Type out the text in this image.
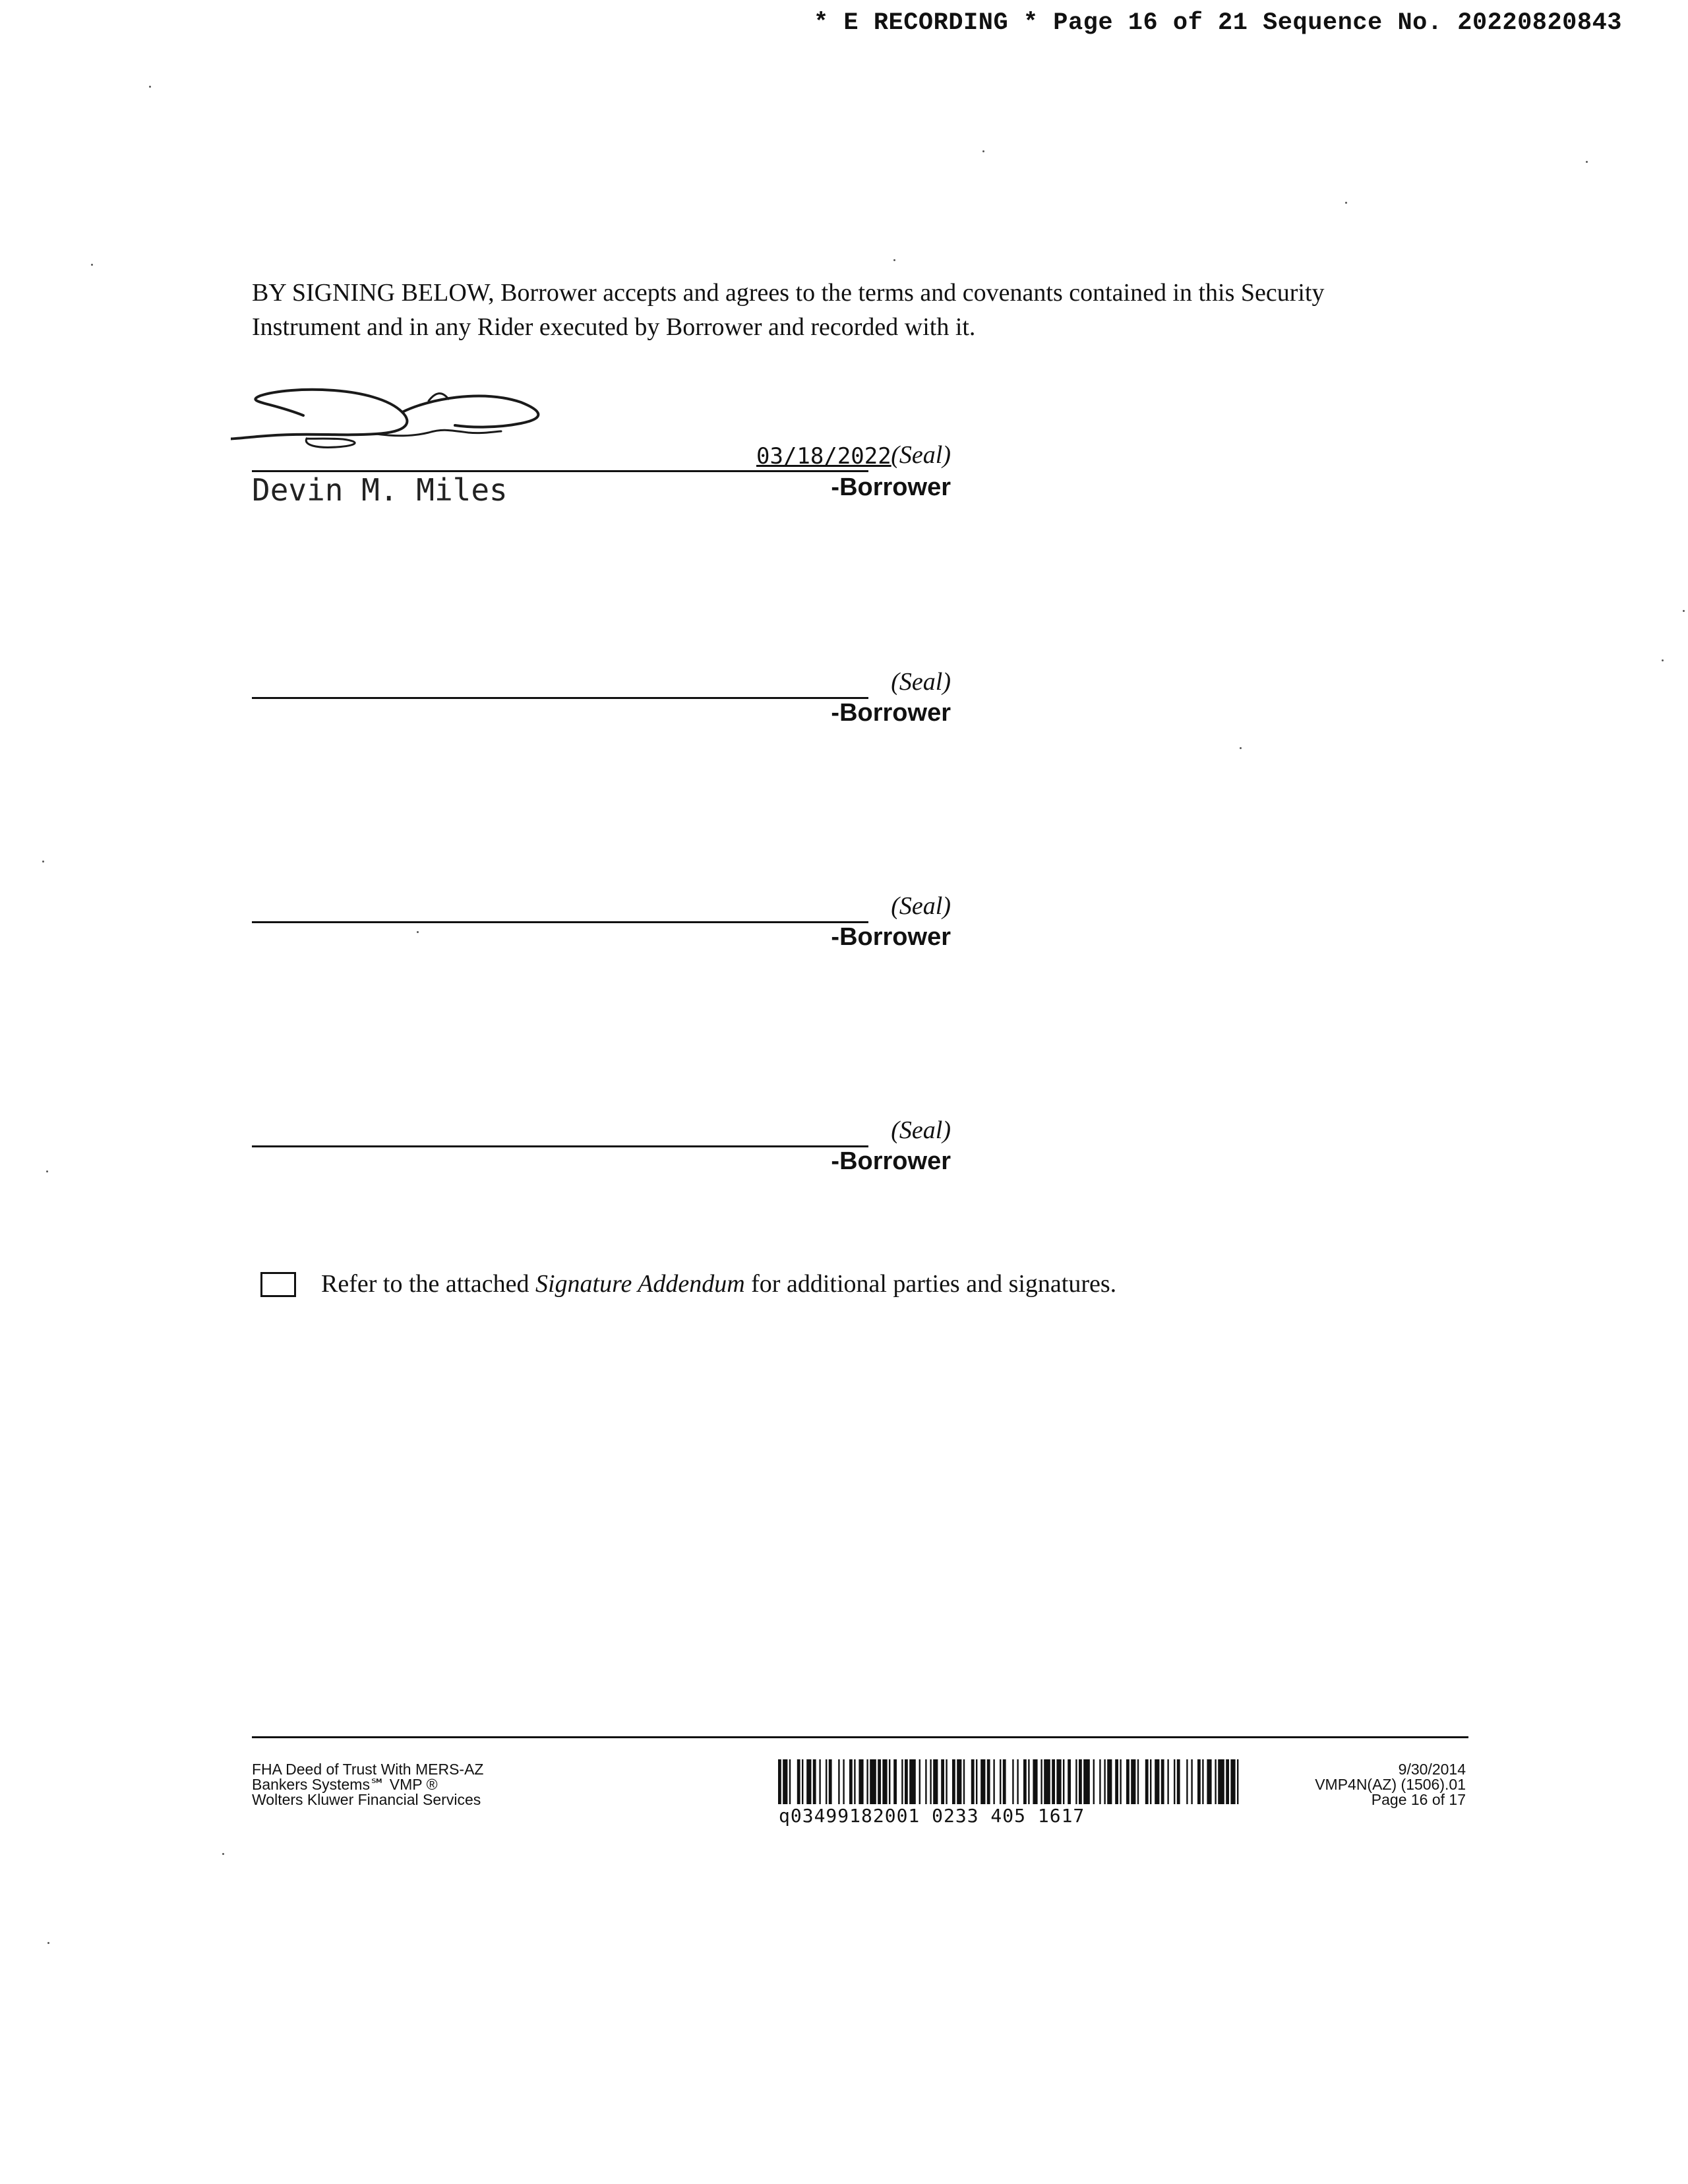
* E RECORDING * Page 16 of 21 Sequence No. 20220820843
BY SIGNING BELOW, Borrower accepts and agrees to the terms and covenants contained in this Security
Instrument and in any Rider executed by Borrower and recorded with it.
03/18/2022 (Seal)
Devin M. Miles	-Borrower
(Seal)
-Borrower
(Seal)
-Borrower
(Seal)
-Borrower
Refer to the attached Signature Addendum for additional parties and signatures.
FHA Deed of Trust With MERS-AZ
Bankers Systems℠ VMP ®
Wolters Kluwer Financial Services
q03499182001 0233 405 1617
9/30/2014
VMP4N(AZ) (1506).01
Page 16 of 17
